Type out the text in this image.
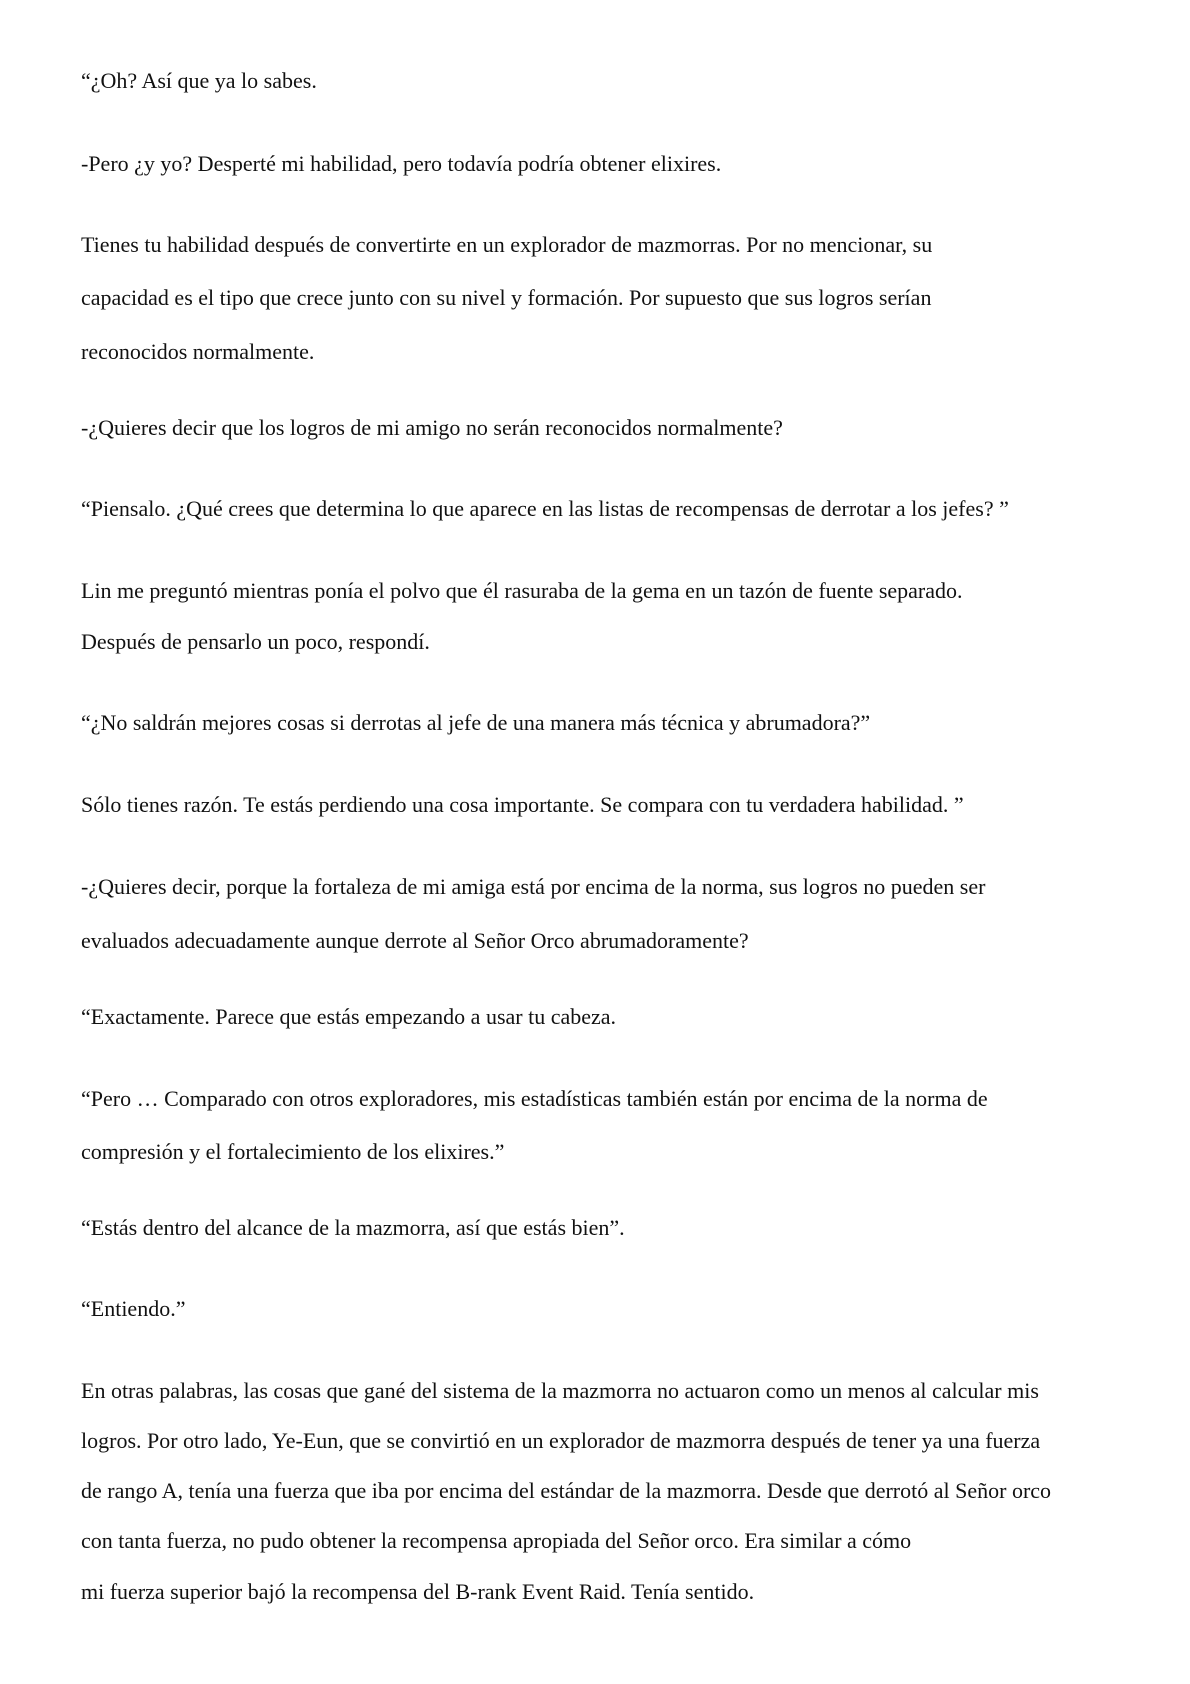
“¿Oh? Así que ya lo sabes.

-Pero ¿y yo? Desperté mi habilidad, pero todavía podría obtener elixires.

Tienes tu habilidad después de convertirte en un explorador de mazmorras. Por no mencionar, su

capacidad es el tipo que crece junto con su nivel y formación. Por supuesto que sus logros serían

reconocidos normalmente.

-¿Quieres decir que los logros de mi amigo no serán reconocidos normalmente?

“Piensalo. ¿Qué crees que determina lo que aparece en las listas de recompensas de derrotar a los jefes? ”

Lin me preguntó mientras ponía el polvo que él rasuraba de la gema en un tazón de fuente separado.

Después de pensarlo un poco, respondí.

“¿No saldrán mejores cosas si derrotas al jefe de una manera más técnica y abrumadora?”

Sólo tienes razón. Te estás perdiendo una cosa importante. Se compara con tu verdadera habilidad. ”

-¿Quieres decir, porque la fortaleza de mi amiga está por encima de la norma, sus logros no pueden ser

evaluados adecuadamente aunque derrote al Señor Orco abrumadoramente?

“Exactamente. Parece que estás empezando a usar tu cabeza.

“Pero … Comparado con otros exploradores, mis estadísticas también están por encima de la norma de

compresión y el fortalecimiento de los elixires.”

“Estás dentro del alcance de la mazmorra, así que estás bien”.

“Entiendo.”

En otras palabras, las cosas que gané del sistema de la mazmorra no actuaron como un menos al calcular mis

logros. Por otro lado, Ye-Eun, que se convirtió en un explorador de mazmorra después de tener ya una fuerza

de rango A, tenía una fuerza que iba por encima del estándar de la mazmorra. Desde que derrotó al Señor orco

con tanta fuerza, no pudo obtener la recompensa apropiada del Señor orco. Era similar a cómo

mi fuerza superior bajó la recompensa del B-rank Event Raid. Tenía sentido.
